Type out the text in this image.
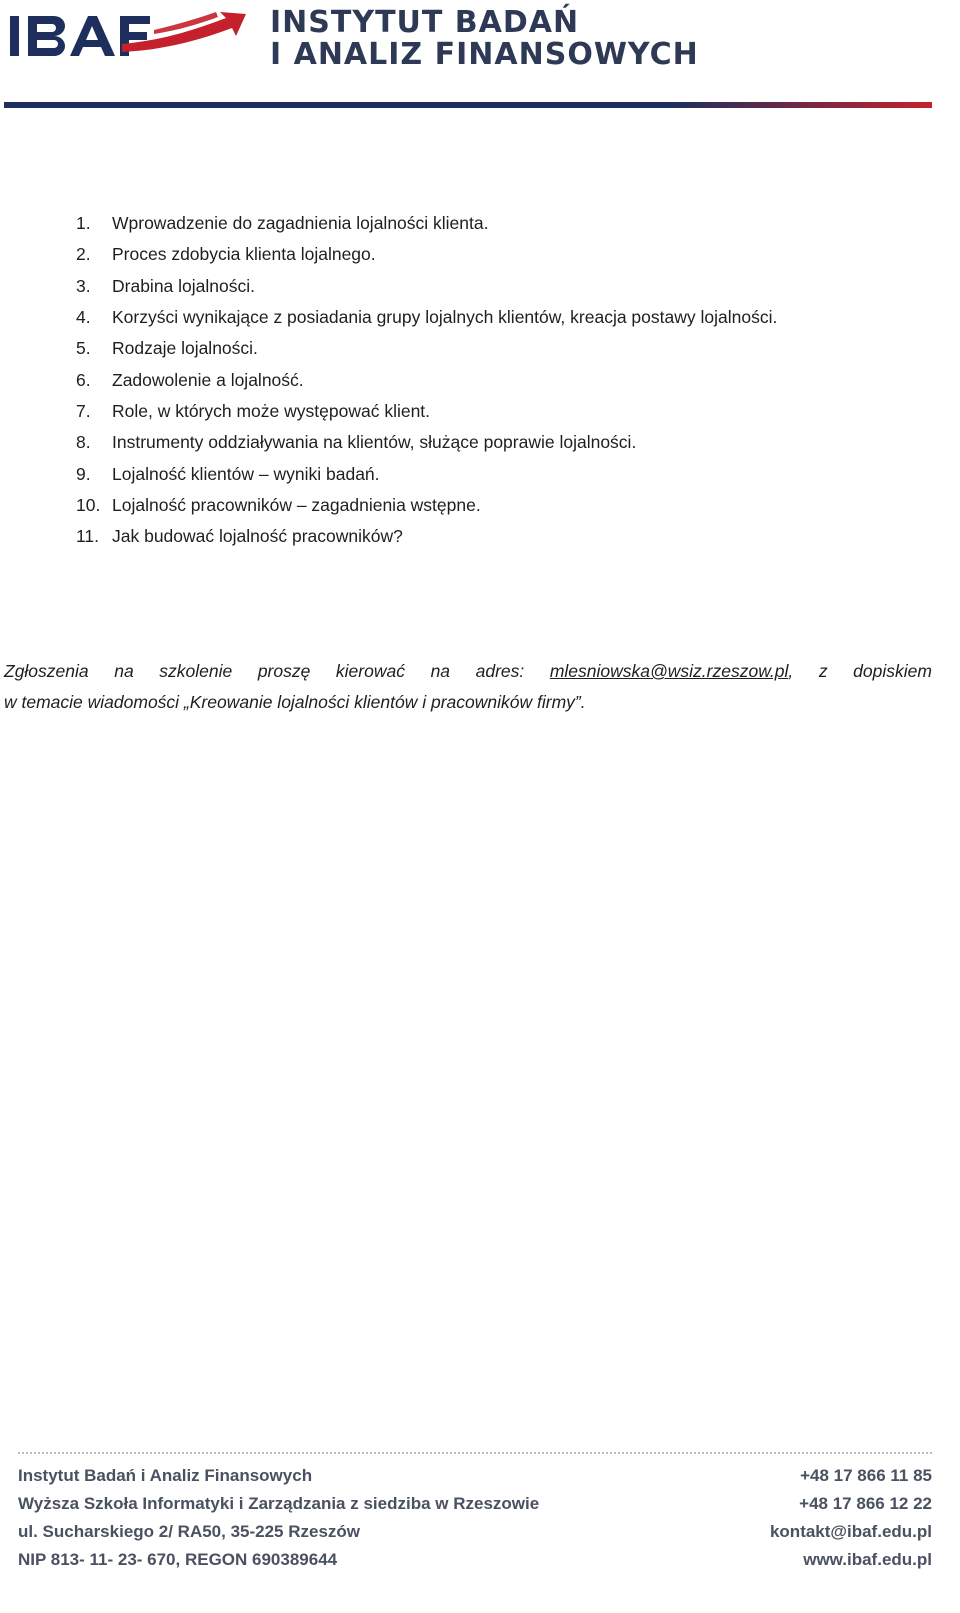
INSTYTUT BADAŃ
I ANALIZ FINANSOWYCH
1.	Wprowadzenie do zagadnienia lojalności klienta.
2.	Proces zdobycia klienta lojalnego.
3.	Drabina lojalności.
4.	Korzyści wynikające z posiadania grupy lojalnych klientów, kreacja postawy lojalności.
5.	Rodzaje lojalności.
6.	Zadowolenie a lojalność.
7.	Role, w których może występować klient.
8.	Instrumenty oddziaływania na klientów, służące poprawie lojalności.
9.	Lojalność klientów – wyniki badań.
10. Lojalność pracowników – zagadnienia wstępne.
11. Jak budować lojalność pracowników?
Zgłoszenia na szkolenie proszę kierować na adres: mlesniowska@wsiz.rzeszow.pl, z dopiskiem
w temacie wiadomości „Kreowanie lojalności klientów i pracowników firmy”.
Instytut Badań i Analiz Finansowych	+48 17 866 11 85
Wyższa Szkoła Informatyki i Zarządzania z siedziba w Rzeszowie	+48 17 866 12 22
ul. Sucharskiego 2/ RA50, 35-225 Rzeszów	kontakt@ibaf.edu.pl
NIP 813- 11- 23- 670, REGON 690389644	www.ibaf.edu.pl
